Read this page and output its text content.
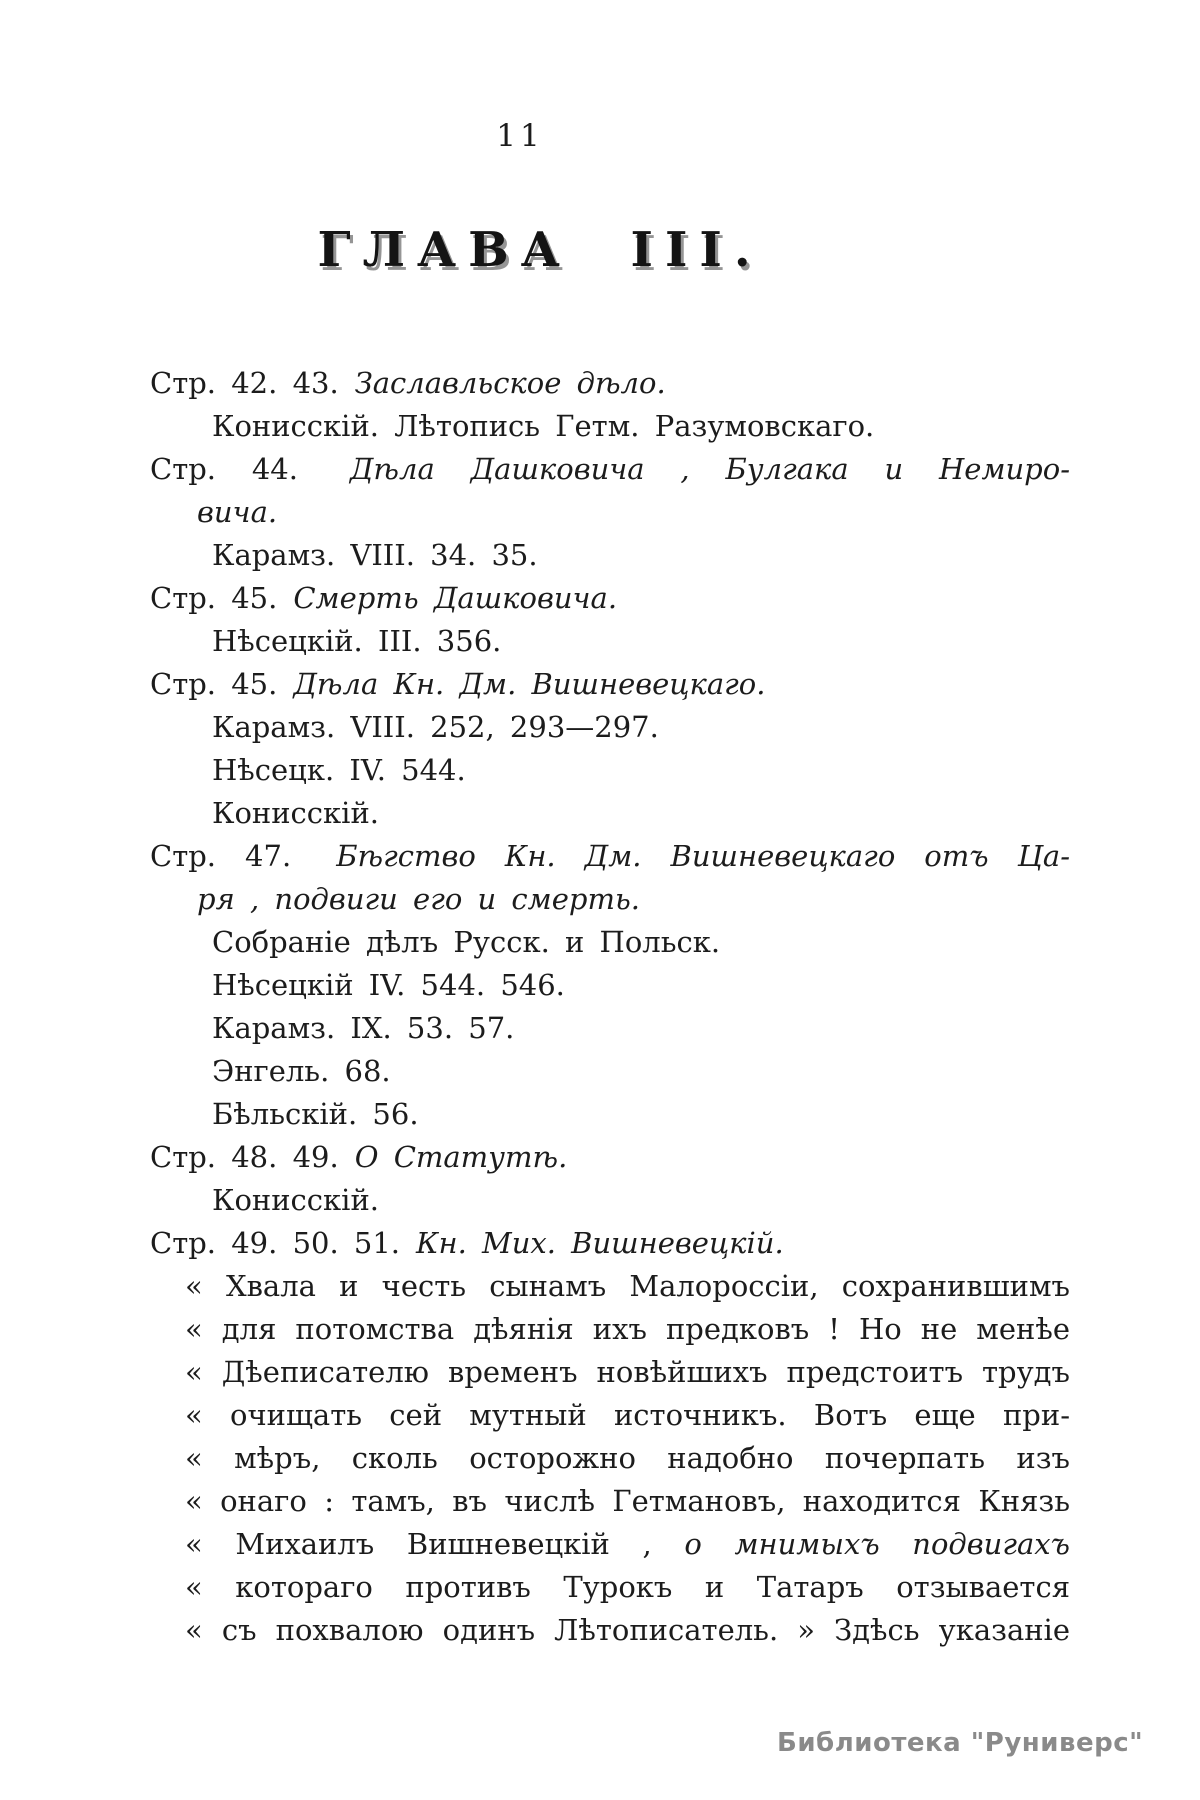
11
ГЛАВА III.
Стр. 42. 43. Заславльское дѣло.
Конисскій. Лѣтопись Гетм. Разумовскаго.
Стр. 44. Дѣла Дашковича , Булгака и Немиро-
вича.
Карамз. VIII. 34. 35.
Стр. 45. Смерть Дашковича.
Нѣсецкій. III. 356.
Стр. 45. Дѣла Кн. Дм. Вишневецкаго.
Карамз. VIII. 252, 293—297.
Нѣсецк. IV. 544.
Конисскій.
Стр. 47. Бѣгство Кн. Дм. Вишневецкаго отъ Ца-
ря , подвиги его и смерть.
Собраніе дѣлъ Русск. и Польск.
Нѣсецкій IV. 544. 546.
Карамз. IX. 53. 57.
Энгель. 68.
Бѣльскій. 56.
Стр. 48. 49. О Статутѣ.
Конисскій.
Стр. 49. 50. 51. Кн. Мих. Вишневецкій.
« Хвала и честь сынамъ Малороссіи, сохранившимъ
« для потомства дѣянія ихъ предковъ ! Но не менѣе
« Дѣеписателю временъ новѣйшихъ предстоитъ трудъ
« очищать сей мутный источникъ. Вотъ еще при-
« мѣръ, сколь осторожно надобно почерпать изъ
« онаго : тамъ, въ числѣ Гетмановъ, находится Князь
« Михаилъ Вишневецкій , о мнимыхъ подвигахъ
« котораго противъ Турокъ и Татаръ отзывается
« съ похвалою одинъ Лѣтописатель. » Здѣсь указаніе
Библиотека "Руниверс"
